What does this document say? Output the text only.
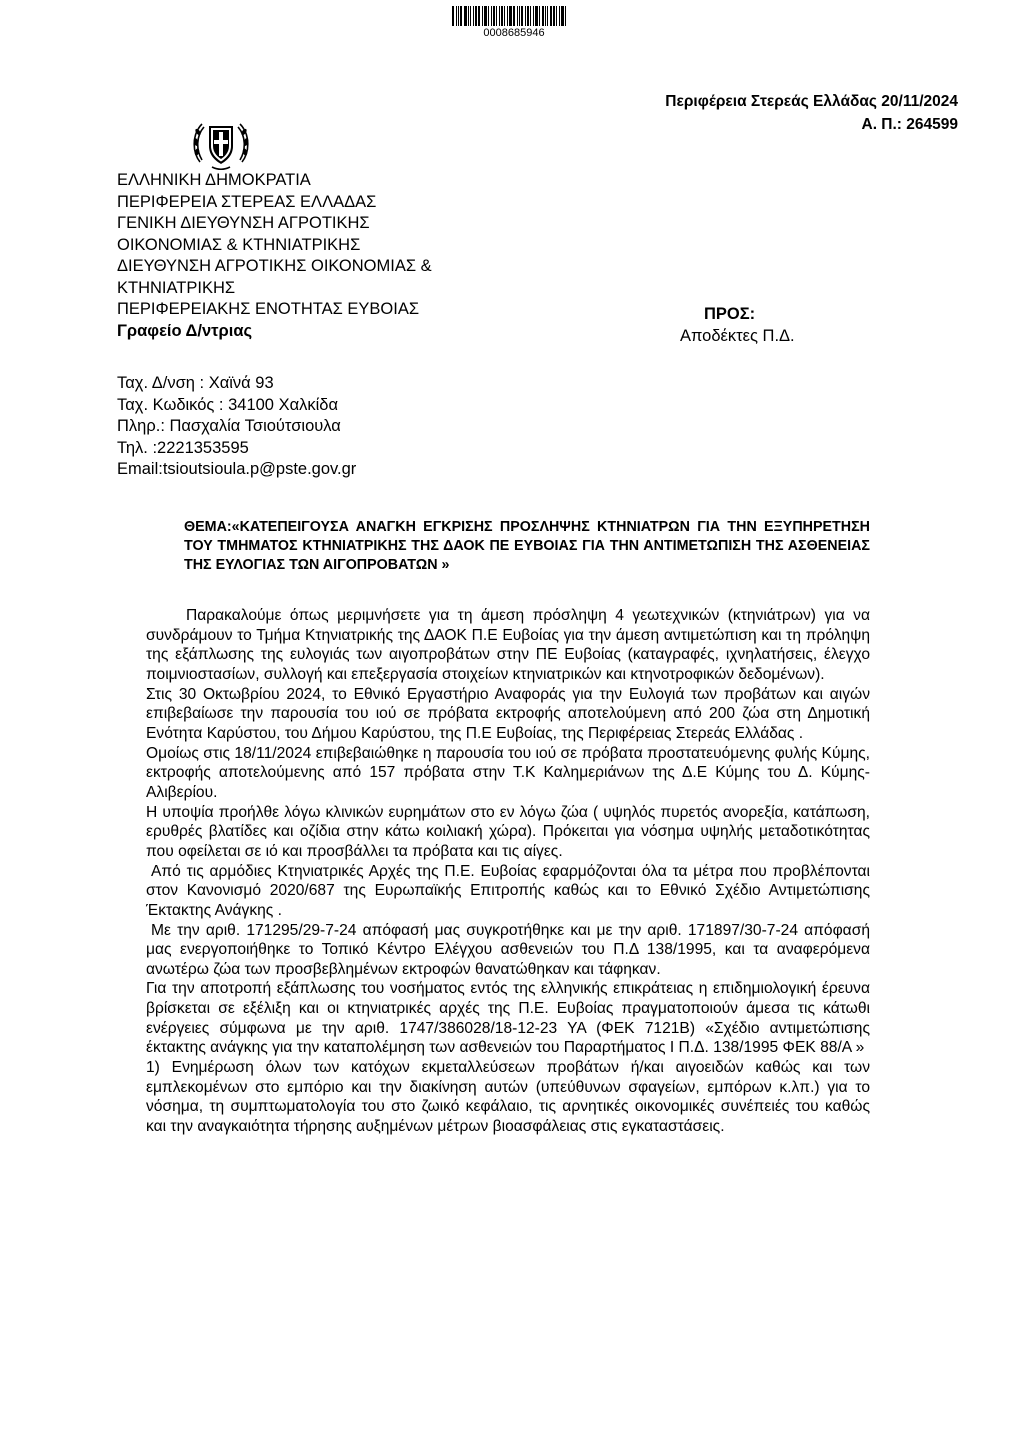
0008685946
Περιφέρεια Στερεάς Ελλάδας 20/11/2024
Α. Π.: 264599
ΕΛΛΗΝΙΚΗ ΔΗΜΟΚΡΑΤΙΑ
ΠΕΡΙΦΕΡΕΙΑ ΣΤΕΡΕΑΣ ΕΛΛΑΔΑΣ
ΓΕΝΙΚΗ ΔΙΕΥΘΥΝΣΗ ΑΓΡΟΤΙΚΗΣ
ΟΙΚΟΝΟΜΙΑΣ & ΚΤΗΝΙΑΤΡΙΚΗΣ
ΔΙΕΥΘΥΝΣΗ ΑΓΡΟΤΙΚΗΣ ΟΙΚΟΝΟΜΙΑΣ &
ΚΤΗΝΙΑΤΡΙΚΗΣ
ΠΕΡΙΦΕΡΕΙΑΚΗΣ ΕΝΟΤΗΤΑΣ ΕΥΒΟΙΑΣ
Γραφείο Δ/ντριας
ΠΡΟΣ:
Αποδέκτες Π.Δ.
Ταχ. Δ/νση : Χαϊνά 93
Ταχ. Κωδικός : 34100 Χαλκίδα
Πληρ.: Πασχαλία Τσιούτσιουλα
Τηλ. :2221353595
Email:tsioutsioula.p@pste.gov.gr
ΘΕΜΑ:«ΚΑΤΕΠΕΙΓΟΥΣΑ ΑΝΑΓΚΗ ΕΓΚΡΙΣΗΣ ΠΡΟΣΛΗΨΗΣ ΚΤΗΝΙΑΤΡΩΝ ΓΙΑ ΤΗΝ ΕΞΥΠΗΡΕΤΗΣΗ ΤΟΥ ΤΜΗΜΑΤΟΣ ΚΤΗΝΙΑΤΡΙΚΗΣ ΤΗΣ ΔΑΟΚ ΠΕ ΕΥΒΟΙΑΣ ΓΙΑ ΤΗΝ ΑΝΤΙΜΕΤΩΠΙΣΗ ΤΗΣ ΑΣΘΕΝΕΙΑΣ ΤΗΣ ΕΥΛΟΓΙΑΣ ΤΩΝ ΑΙΓΟΠΡΟΒΑΤΩΝ »

Παρακαλούμε όπως μεριμνήσετε για τη άμεση πρόσληψη 4 γεωτεχνικών (κτηνιάτρων) για να συνδράμουν το Τμήμα Κτηνιατρικής της ΔΑΟΚ Π.Ε Ευβοίας για την άμεση αντιμετώπιση και τη πρόληψη της εξάπλωσης της ευλογιάς των αιγοπροβάτων στην ΠΕ Ευβοίας (καταγραφές, ιχνηλατήσεις, έλεγχο ποιμνιοστασίων, συλλογή και επεξεργασία στοιχείων κτηνιατρικών και κτηνοτροφικών δεδομένων).

Στις 30 Οκτωβρίου 2024, το Εθνικό Εργαστήριο Αναφοράς για την Ευλογιά των προβάτων και αιγών επιβεβαίωσε την παρουσία του ιού σε πρόβατα εκτροφής αποτελούμενη από 200 ζώα στη Δημοτική Ενότητα Καρύστου, του Δήμου Καρύστου, της Π.Ε Ευβοίας, της Περιφέρειας Στερεάς Ελλάδας .

Ομοίως στις 18/11/2024 επιβεβαιώθηκε η παρουσία του ιού σε πρόβατα προστατευόμενης φυλής Κύμης, εκτροφής αποτελούμενης από 157 πρόβατα στην Τ.Κ Καλημεριάνων της Δ.Ε Κύμης του Δ. Κύμης-Αλιβερίου.

Η υποψία προήλθε λόγω κλινικών ευρημάτων στο εν λόγω ζώα ( υψηλός πυρετός ανορεξία, κατάπωση, ερυθρές βλατίδες και οζίδια στην κάτω κοιλιακή χώρα). Πρόκειται για νόσημα υψηλής μεταδοτικότητας που οφείλεται σε ιό και προσβάλλει τα πρόβατα και τις αίγες.

Από τις αρμόδιες Κτηνιατρικές Αρχές της Π.Ε. Ευβοίας εφαρμόζονται όλα τα μέτρα που προβλέπονται στον Κανονισμό 2020/687 της Ευρωπαϊκής Επιτροπής καθώς και το Εθνικό Σχέδιο Αντιμετώπισης Έκτακτης Ανάγκης .

Με την αριθ. 171295/29-7-24 απόφασή μας συγκροτήθηκε και με την αριθ. 171897/30-7-24 απόφασή μας ενεργοποιήθηκε το Τοπικό Κέντρο Ελέγχου ασθενειών του Π.Δ 138/1995, και τα αναφερόμενα ανωτέρω ζώα των προσβεβλημένων εκτροφών θανατώθηκαν και τάφηκαν.

Για την αποτροπή εξάπλωσης του νοσήματος εντός της ελληνικής επικράτειας η επιδημιολογική έρευνα βρίσκεται σε εξέλιξη και οι κτηνιατρικές αρχές της Π.Ε. Ευβοίας πραγματοποιούν άμεσα τις κάτωθι ενέργειες σύμφωνα με την αριθ. 1747/386028/18-12-23 ΥΑ (ΦΕΚ 7121Β) «Σχέδιο αντιμετώπισης έκτακτης ανάγκης για την καταπολέμηση των ασθενειών του Παραρτήματος Ι Π.Δ. 138/1995 ΦΕΚ 88/Α »

1) Ενημέρωση όλων των κατόχων εκμεταλλεύσεων προβάτων ή/και αιγοειδών καθώς και των εμπλεκομένων στο εμπόριο και την διακίνηση αυτών (υπεύθυνων σφαγείων, εμπόρων κ.λπ.) για το νόσημα, τη συμπτωματολογία του στο ζωικό κεφάλαιο, τις αρνητικές οικονομικές συνέπειές του καθώς και την αναγκαιότητα τήρησης αυξημένων μέτρων βιοασφάλειας στις εγκαταστάσεις.
